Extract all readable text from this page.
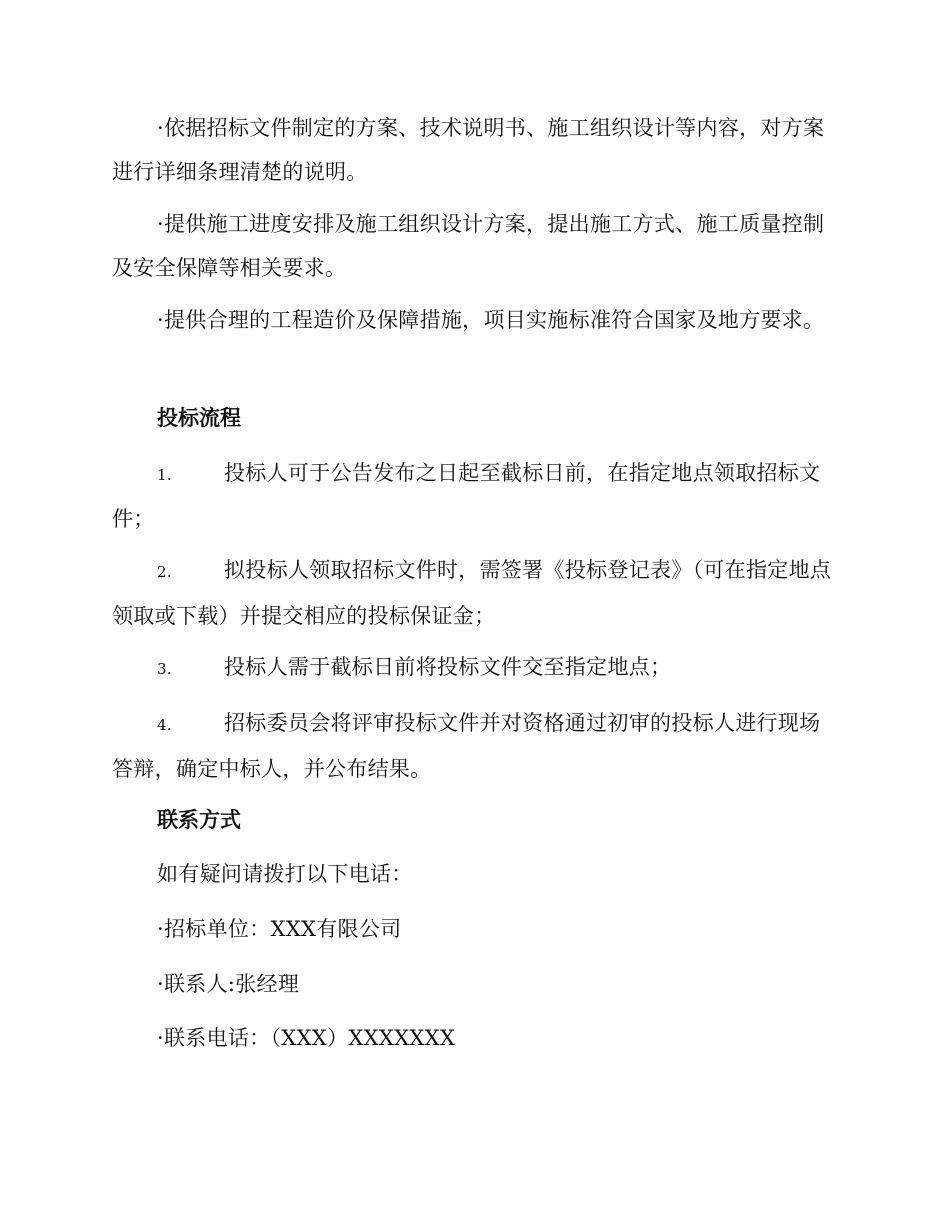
·依据招标文件制定的方案、技术说明书、施工组织设计等内容，对方案进行详细条理清楚的说明。

·提供施工进度安排及施工组织设计方案，提出施工方式、施工质量控制及安全保障等相关要求。

·提供合理的工程造价及保障措施，项目实施标准符合国家及地方要求。

投标流程

1. 投标人可于公告发布之日起至截标日前，在指定地点领取招标文件；

2. 拟投标人领取招标文件时，需签署《投标登记表》（可在指定地点领取或下载）并提交相应的投标保证金；

3. 投标人需于截标日前将投标文件交至指定地点；

4. 招标委员会将评审投标文件并对资格通过初审的投标人进行现场答辩，确定中标人，并公布结果。

联系方式

如有疑问请拨打以下电话：

·招标单位：XXX有限公司

·联系人:张经理

·联系电话：（XXX）XXXXXXX
